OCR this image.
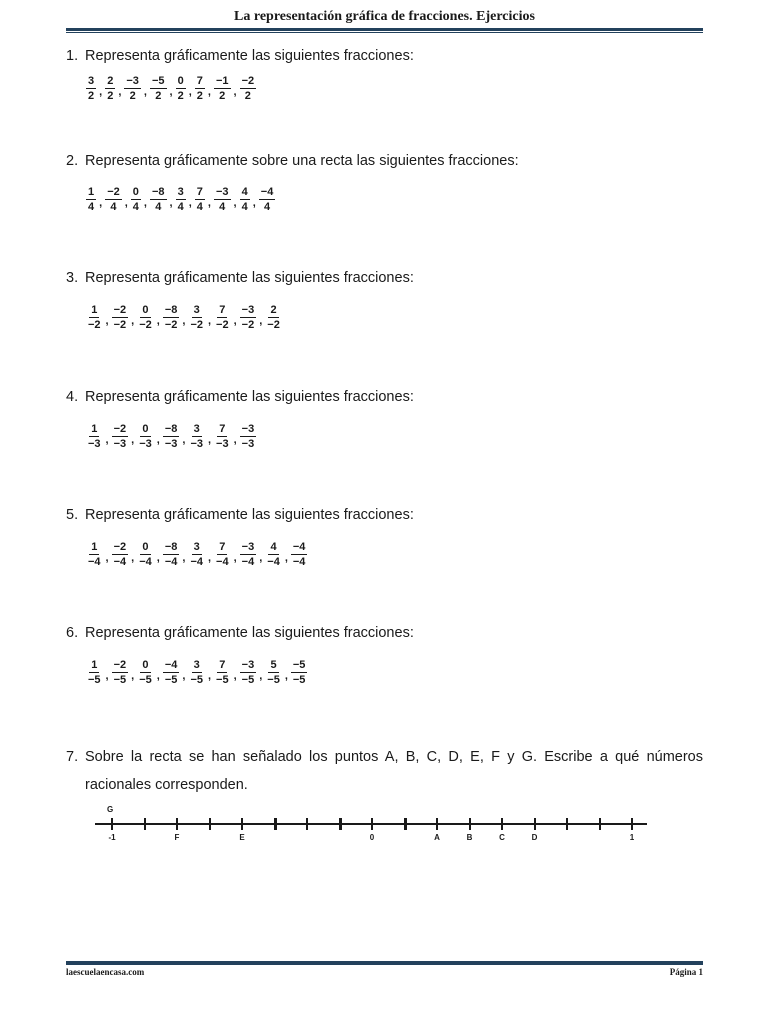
La representación gráfica de fracciones. Ejercicios
1. Representa gráficamente las siguientes fracciones:
2. Representa gráficamente sobre una recta las siguientes fracciones:
3. Representa gráficamente las siguientes fracciones:
4. Representa gráficamente las siguientes fracciones:
5. Representa gráficamente las siguientes fracciones:
6. Representa gráficamente las siguientes fracciones:
7. Sobre la recta se han señalado los puntos A, B, C, D, E, F y G. Escribe a qué números
racionales corresponden.
G
-1	F	E	0	A	B	C	D	1
laescuelaencasa.com	Página 1
$\frac{3}{2}$ , $\frac{2}{2}$ , $\frac{-3}{2}$ , $\frac{-5}{2}$ , $\frac{0}{2}$ , $\frac{7}{2}$ , $\frac{-1}{2}$ , $\frac{-2}{2}$
$\frac{1}{4}$ , $\frac{-2}{4}$ , $\frac{0}{4}$ , $\frac{-8}{4}$ , $\frac{3}{4}$ , $\frac{7}{4}$ , $\frac{-3}{4}$ , $\frac{4}{4}$ , $\frac{-4}{4}$
$\frac{1}{-2}$ , $\frac{-2}{-2}$ , $\frac{0}{-2}$ , $\frac{-8}{-2}$ , $\frac{3}{-2}$ , $\frac{7}{-2}$ , $\frac{-3}{-2}$ , $\frac{2}{-2}$
$\frac{1}{-3}$ , $\frac{-2}{-3}$ , $\frac{0}{-3}$ , $\frac{-8}{-3}$ , $\frac{3}{-3}$ , $\frac{7}{-3}$ , $\frac{-3}{-3}$
$\frac{1}{-4}$ , $\frac{-2}{-4}$ , $\frac{0}{-4}$ , $\frac{-8}{-4}$ , $\frac{3}{-4}$ , $\frac{7}{-4}$ , $\frac{-3}{-4}$ , $\frac{4}{-4}$ , $\frac{-4}{-4}$
$\frac{1}{-5}$ , $\frac{-2}{-5}$ , $\frac{0}{-5}$ , $\frac{-4}{-5}$ , $\frac{3}{-5}$ , $\frac{7}{-5}$ , $\frac{-3}{-5}$ , $\frac{5}{-5}$ , $\frac{-5}{-5}$
